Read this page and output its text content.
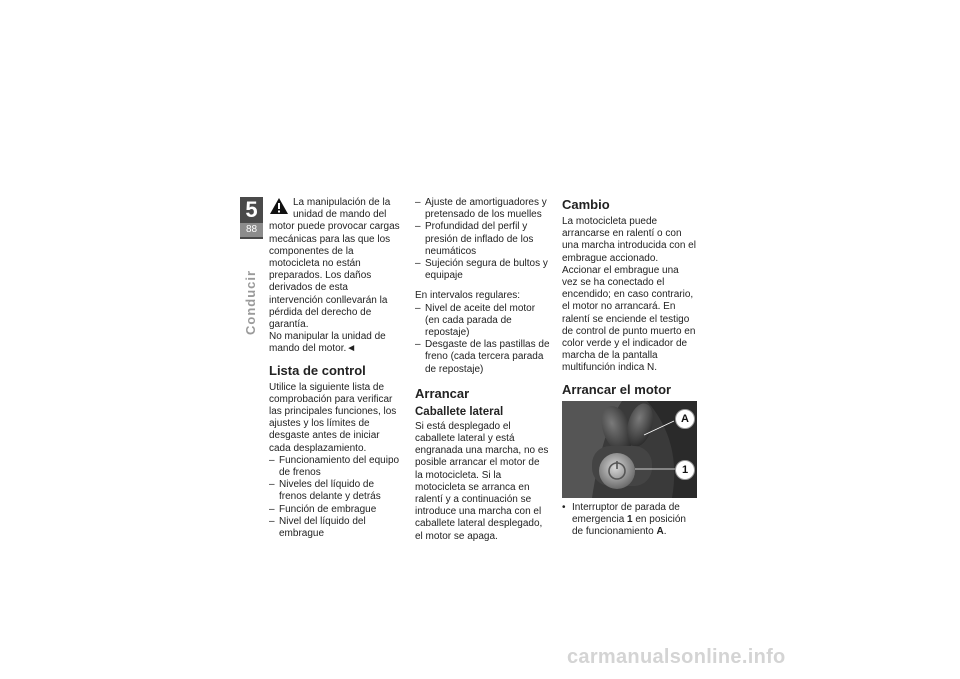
5
88
Conducir

La manipulación de la unidad de mando del motor puede provocar cargas mecánicas para las que los componentes de la motocicleta no están preparados. Los daños derivados de esta intervención conllevarán la pérdida del derecho de garantía.

No manipular la unidad de mando del motor.◄

Lista de control

Utilice la siguiente lista de comprobación para verificar las principales funciones, los ajustes y los límites de desgaste antes de iniciar cada desplazamiento.

– Funcionamiento del equipo de frenos
– Niveles del líquido de frenos delante y detrás
– Función de embrague
– Nivel del líquido del embrague
– Ajuste de amortiguadores y pretensado de los muelles
– Profundidad del perfil y presión de inflado de los neumáticos
– Sujeción segura de bultos y equipaje

En intervalos regulares:

– Nivel de aceite del motor (en cada parada de repostaje)
– Desgaste de las pastillas de freno (cada tercera parada de repostaje)
Arrancar
Caballete lateral

Si está desplegado el caballete lateral y está engranada una marcha, no es posible arrancar el motor de la motocicleta. Si la motocicleta se arranca en ralentí y a continuación se introduce una marcha con el caballete lateral desplegado, el motor se apaga.

Cambio

La motocicleta puede arrancarse en ralentí o con una marcha introducida con el embrague accionado. Accionar el embrague una vez se ha conectado el encendido; en caso contrario, el motor no arrancará. En ralentí se enciende el testigo de control de punto muerto en color verde y el indicador de marcha de la pantalla multifunción indica N.

Arrancar el motor
A
1
• Interruptor de parada de emergencia 1 en posición de funcionamiento A.
carmanualsonline.info
